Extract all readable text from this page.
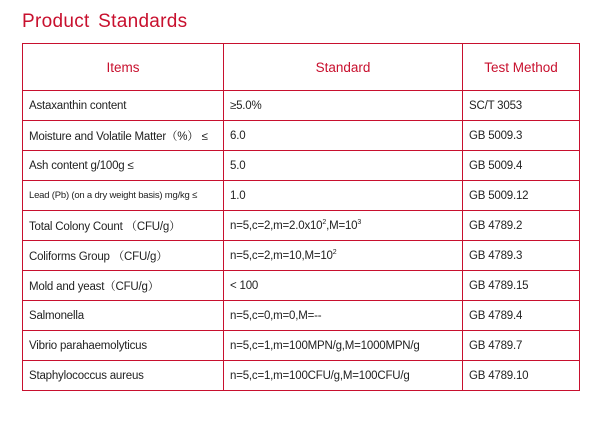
Product Standards
Items	Standard	Test Method
Astaxanthin content	≥5.0%	SC/T 3053
Moisture and Volatile Matter（%） ≤	6.0	GB 5009.3
Ash content g/100g ≤	5.0	GB 5009.4
Lead (Pb) (on a dry weight basis) mg/kg ≤	1.0	GB 5009.12
Total Colony Count （CFU/g）	$n=5,c=2,m=2.0x10^2,M=10^3$	GB 4789.2
Coliforms Group （CFU/g）	$n=5,c=2,m=10,M=10^2$	GB 4789.3
Mold and yeast（CFU/g）	< 100	GB 4789.15
Salmonella	n=5,c=0,m=0,M=--	GB 4789.4
Vibrio parahaemolyticus	n=5,c=1,m=100MPN/g,M=1000MPN/g	GB 4789.7
Staphylococcus aureus	n=5,c=1,m=100CFU/g,M=100CFU/g	GB 4789.10
